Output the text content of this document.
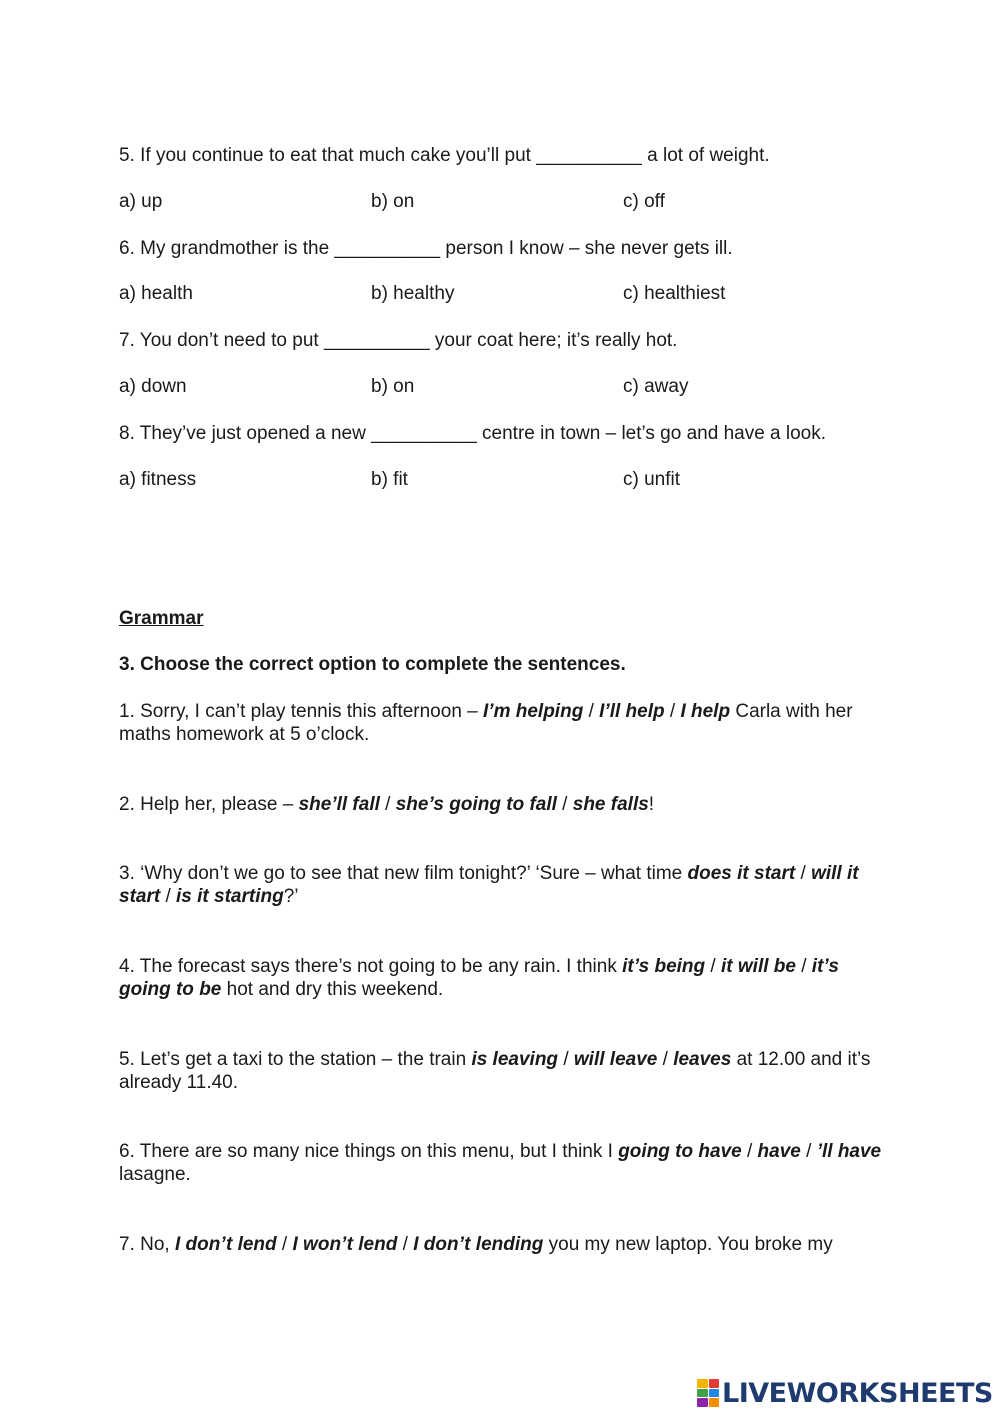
5. If you continue to eat that much cake you’ll put __________ a lot of weight.
a) up	b) on	c) off
6. My grandmother is the __________ person I know – she never gets ill.
a) health	b) healthy	c) healthiest
7. You don’t need to put __________ your coat here; it’s really hot.
a) down	b) on	c) away
8. They’ve just opened a new __________ centre in town – let’s go and have a look.
a) fitness	b) fit	c) unfit
Grammar
3. Choose the correct option to complete the sentences.
1. Sorry, I can’t play tennis this afternoon – I’m helping / I’ll help / I help Carla with her maths homework at 5 o’clock.
2. Help her, please – she’ll fall / she’s going to fall / she falls!
3. ‘Why don’t we go to see that new film tonight?’ ‘Sure – what time does it start / will it start / is it starting?’
4. The forecast says there’s not going to be any rain. I think it’s being / it will be / it’s going to be hot and dry this weekend.
5. Let’s get a taxi to the station – the train is leaving / will leave / leaves at 12.00 and it’s already 11.40.
6. There are so many nice things on this menu, but I think I going to have / have / ’ll have lasagne.
7. No, I don’t lend / I won’t lend / I don’t lending you my new laptop. You broke my
LIVEWORKSHEETS
